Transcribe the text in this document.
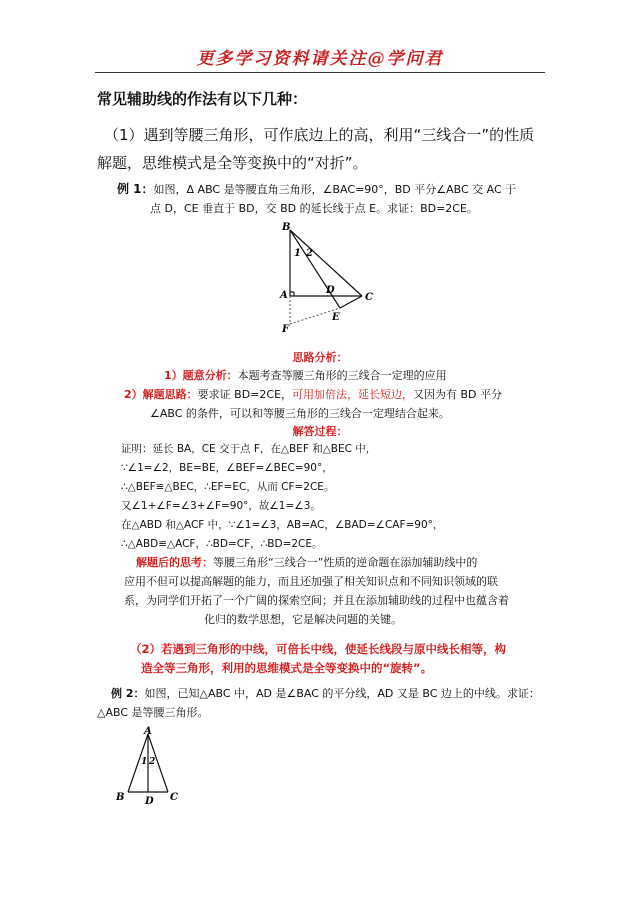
更多学习资料请关注@学问君
常见辅助线的作法有以下几种：
（1）遇到等腰三角形，可作底边上的高，利用“三线合一”的性质
解题，思维模式是全等变换中的“对折”。
例 1：如图，Δ ABC 是等腰直角三角形，∠BAC=90°，BD 平分∠ABC 交 AC 于
点 D，CE 垂直于 BD，交 BD 的延长线于点 E。求证：BD=2CE。
B
1 2
A	D
C
E
F
思路分析：
1）题意分析：本题考查等腰三角形的三线合一定理的应用
2）解题思路：要求证 BD=2CE，可用加倍法，延长短边，又因为有 BD 平分
∠ABC 的条件，可以和等腰三角形的三线合一定理结合起来。
解答过程：
证明：延长 BA，CE 交于点 F，在△BEF 和△BEC 中，
∵∠1=∠2，BE=BE，∠BEF=∠BEC=90°，
∴△BEF≌△BEC，∴EF=EC，从而 CF=2CE。
又∠1+∠F=∠3+∠F=90°，故∠1=∠3。
在△ABD 和△ACF 中，∵∠1=∠3，AB=AC，∠BAD=∠CAF=90°，
∴△ABD≌△ACF，∴BD=CF，∴BD=2CE。
解题后的思考：等腰三角形“三线合一”性质的逆命题在添加辅助线中的
应用不但可以提高解题的能力，而且还加强了相关知识点和不同知识领域的联
系，为同学们开拓了一个广阔的探索空间；并且在添加辅助线的过程中也蕴含着
化归的数学思想，它是解决问题的关键。
（2）若遇到三角形的中线，可倍长中线，使延长线段与原中线长相等，构
造全等三角形，利用的思维模式是全等变换中的“旋转”。
例 2：如图，已知△ABC 中，AD 是∠BAC 的平分线，AD 又是 BC 边上的中线。求证：
△ABC 是等腰三角形。
A
1 2
B D C
